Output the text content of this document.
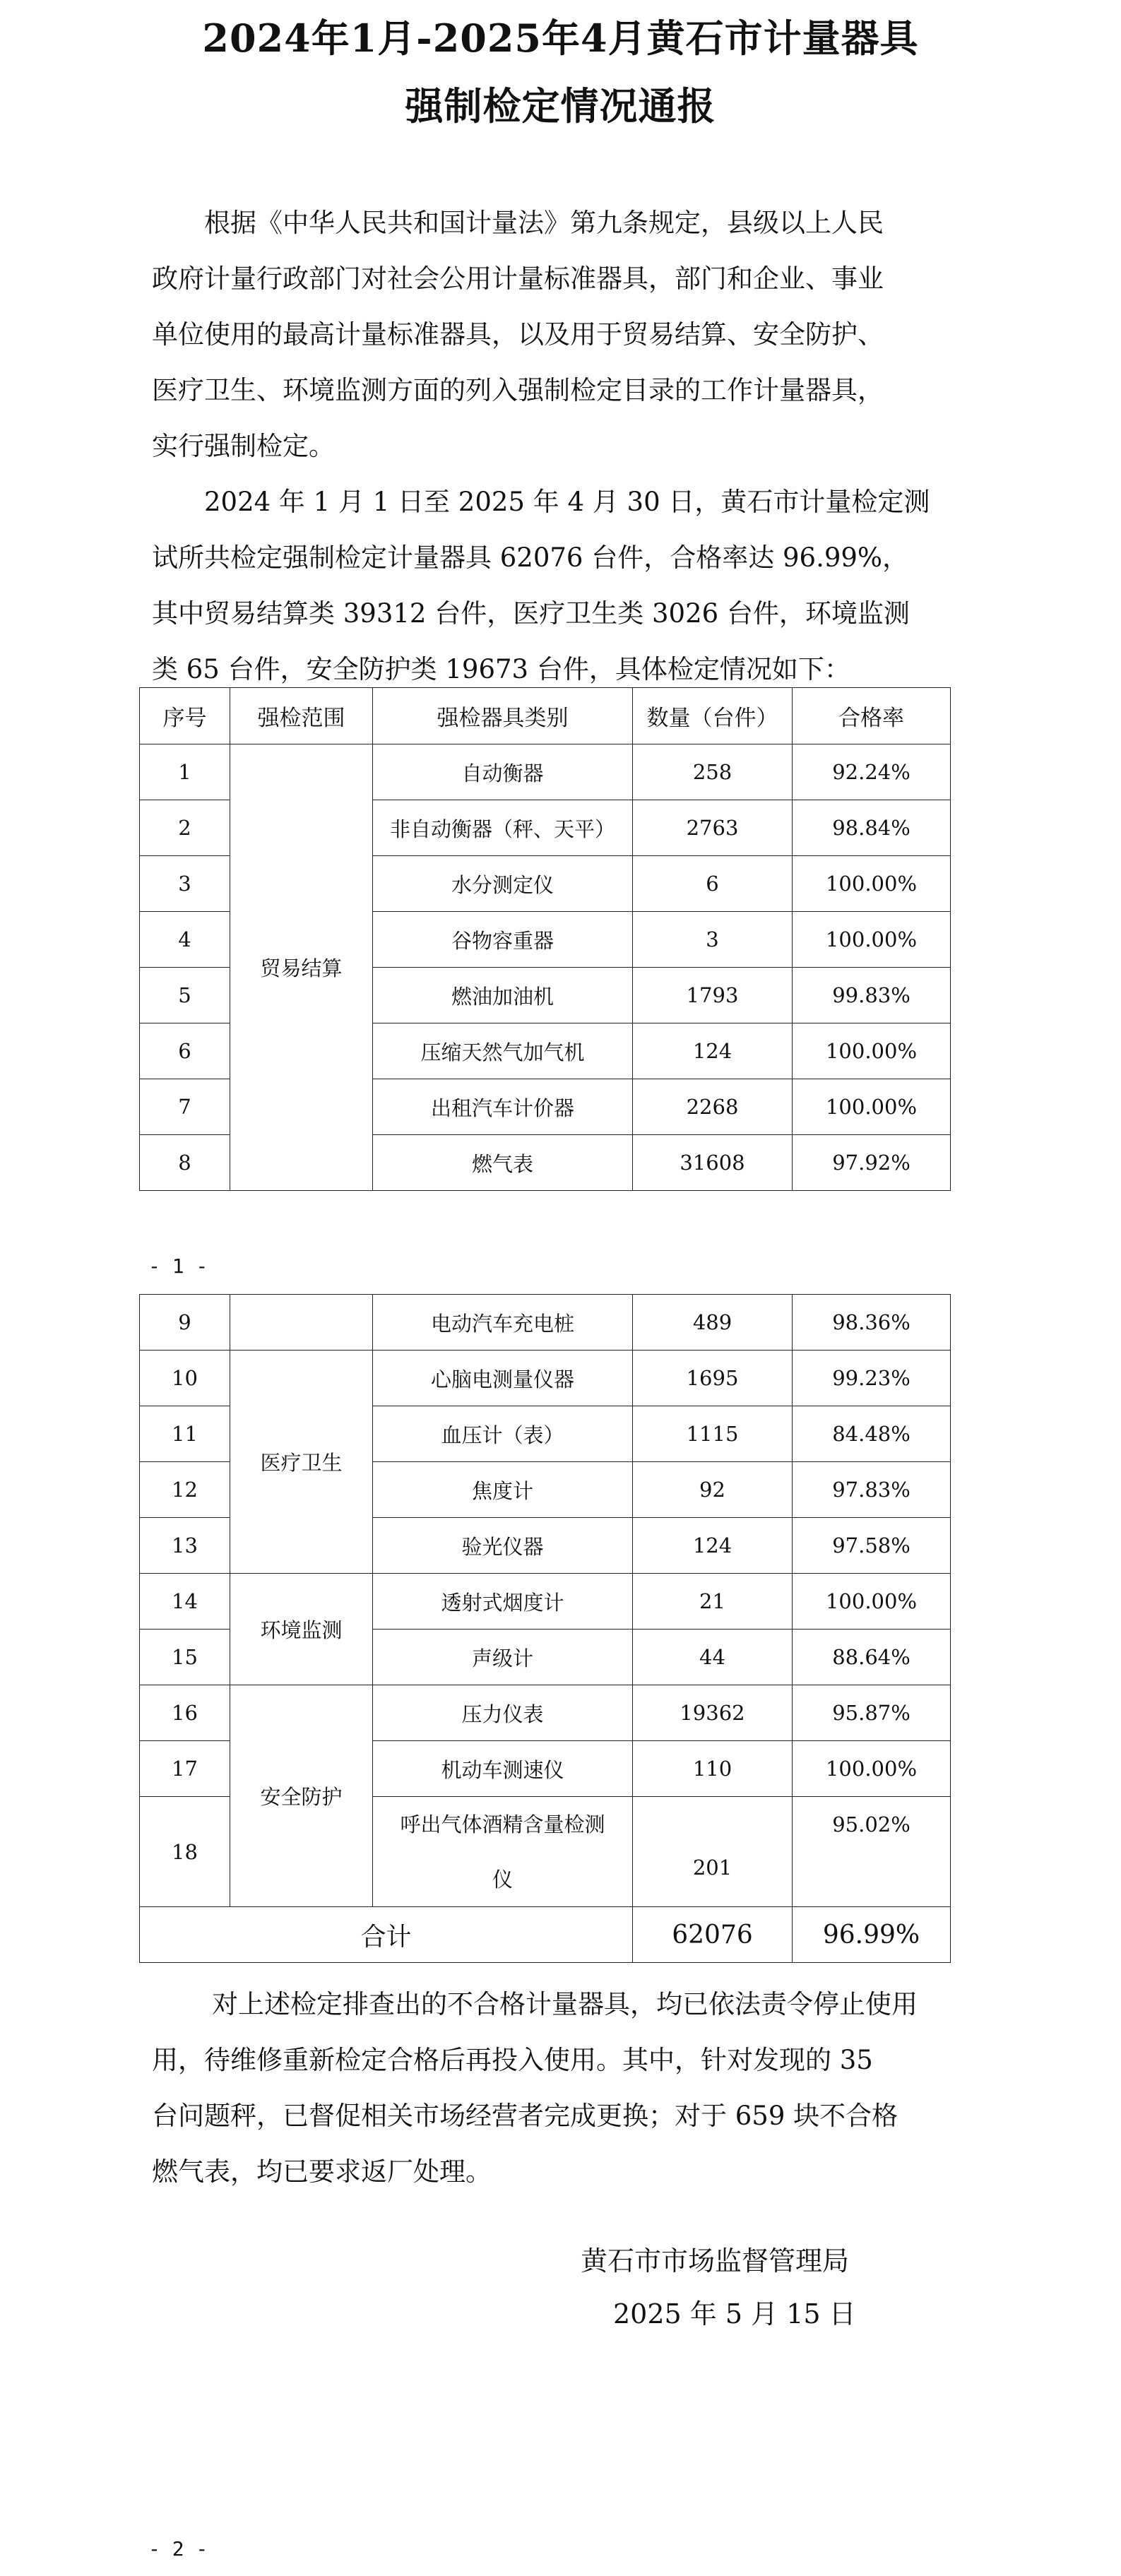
2024年1月-2025年4月黄石市计量器具
强制检定情况通报
根据《中华人民共和国计量法》第九条规定，县级以上人民
政府计量行政部门对社会公用计量标准器具，部门和企业、事业
单位使用的最高计量标准器具，以及用于贸易结算、安全防护、
医疗卫生、环境监测方面的列入强制检定目录的工作计量器具，
实行强制检定。
2024 年 1 月 1 日至 2025 年 4 月 30 日，黄石市计量检定测
试所共检定强制检定计量器具 62076 台件，合格率达 96.99%，
其中贸易结算类 39312 台件，医疗卫生类 3026 台件，环境监测
类 65 台件，安全防护类 19673 台件，具体检定情况如下：
序号	强检范围	强检器具类别	数量（台件）	合格率
1	贸易结算	自动衡器	258	92.24%
2		非自动衡器（秤、天平）	2763	98.84%
3		水分测定仪	6	100.00%
4		谷物容重器	3	100.00%
5		燃油加油机	1793	99.83%
6		压缩天然气加气机	124	100.00%
7		出租汽车计价器	2268	100.00%
8		燃气表	31608	97.92%
- 1 -
9		电动汽车充电桩	489	98.36%
10	医疗卫生	心脑电测量仪器	1695	99.23%
11		血压计（表）	1115	84.48%
12		焦度计	92	97.83%
13		验光仪器	124	97.58%
14	环境监测	透射式烟度计	21	100.00%
15		声级计	44	88.64%
16	安全防护	压力仪表	19362	95.87%
17		机动车测速仪	110	100.00%
18		呼出气体酒精含量检测
仪	201	95.02%
合计			62076	96.99%
对上述检定排查出的不合格计量器具，均已依法责令停止使用
用，待维修重新检定合格后再投入使用。其中，针对发现的 35
台问题秤，已督促相关市场经营者完成更换；对于 659 块不合格
燃气表，均已要求返厂处理。
黄石市市场监督管理局
2025 年 5 月 15 日
- 2 -
